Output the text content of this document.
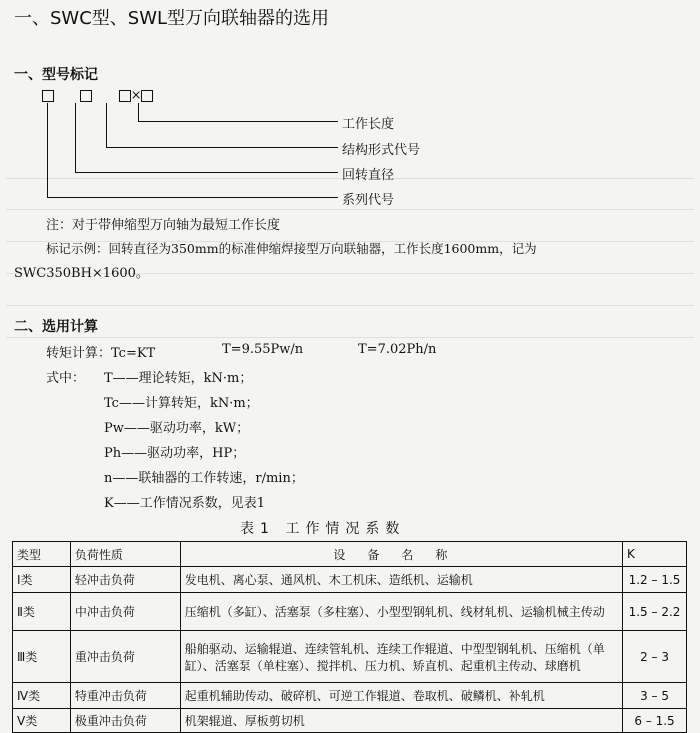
一、SWC型、SWL型万向联轴器的选用
一、型号标记
×
工作长度
结构形式代号
回转直径
系列代号
注：对于带伸缩型万向轴为最短工作长度
标记示例：回转直径为350mm的标准伸缩焊接型万向联轴器，工作长度1600mm，记为
SWC350BH×1600。
二、选用计算
转矩计算：Tc=KT	T=9.55Pw/n	T=7.02Ph/n
式中： T——理论转矩，kN·m；
Tc——计算转矩，kN·m；
Pw——驱动功率，kW；
Ph——驱动功率，HP；
n——联轴器的工作转速，r/min；
K——工作情况系数，见表1
表1 工作情况系数
类型	负荷性质	设备名称	K
Ⅰ类	轻冲击负荷	发电机、离心泵、通风机、木工机床、造纸机、运输机	1.2 – 1.5
Ⅱ类	中冲击负荷	压缩机（多缸）、活塞泵（多柱塞）、小型型钢轧机、线材轧机、运输机械主传动	1.5 – 2.2
Ⅲ类	重冲击负荷	船舶驱动、运输辊道、连续管轧机、连续工作辊道、中型型钢轧机、压缩机（单缸）、活塞泵（单柱塞）、搅拌机、压力机、矫直机、起重机主传动、球磨机	2 – 3
Ⅳ类	特重冲击负荷	起重机辅助传动、破碎机、可逆工作辊道、卷取机、破鳞机、补轧机	3 – 5
Ⅴ类	极重冲击负荷	机架辊道、厚板剪切机	6 – 1.5
